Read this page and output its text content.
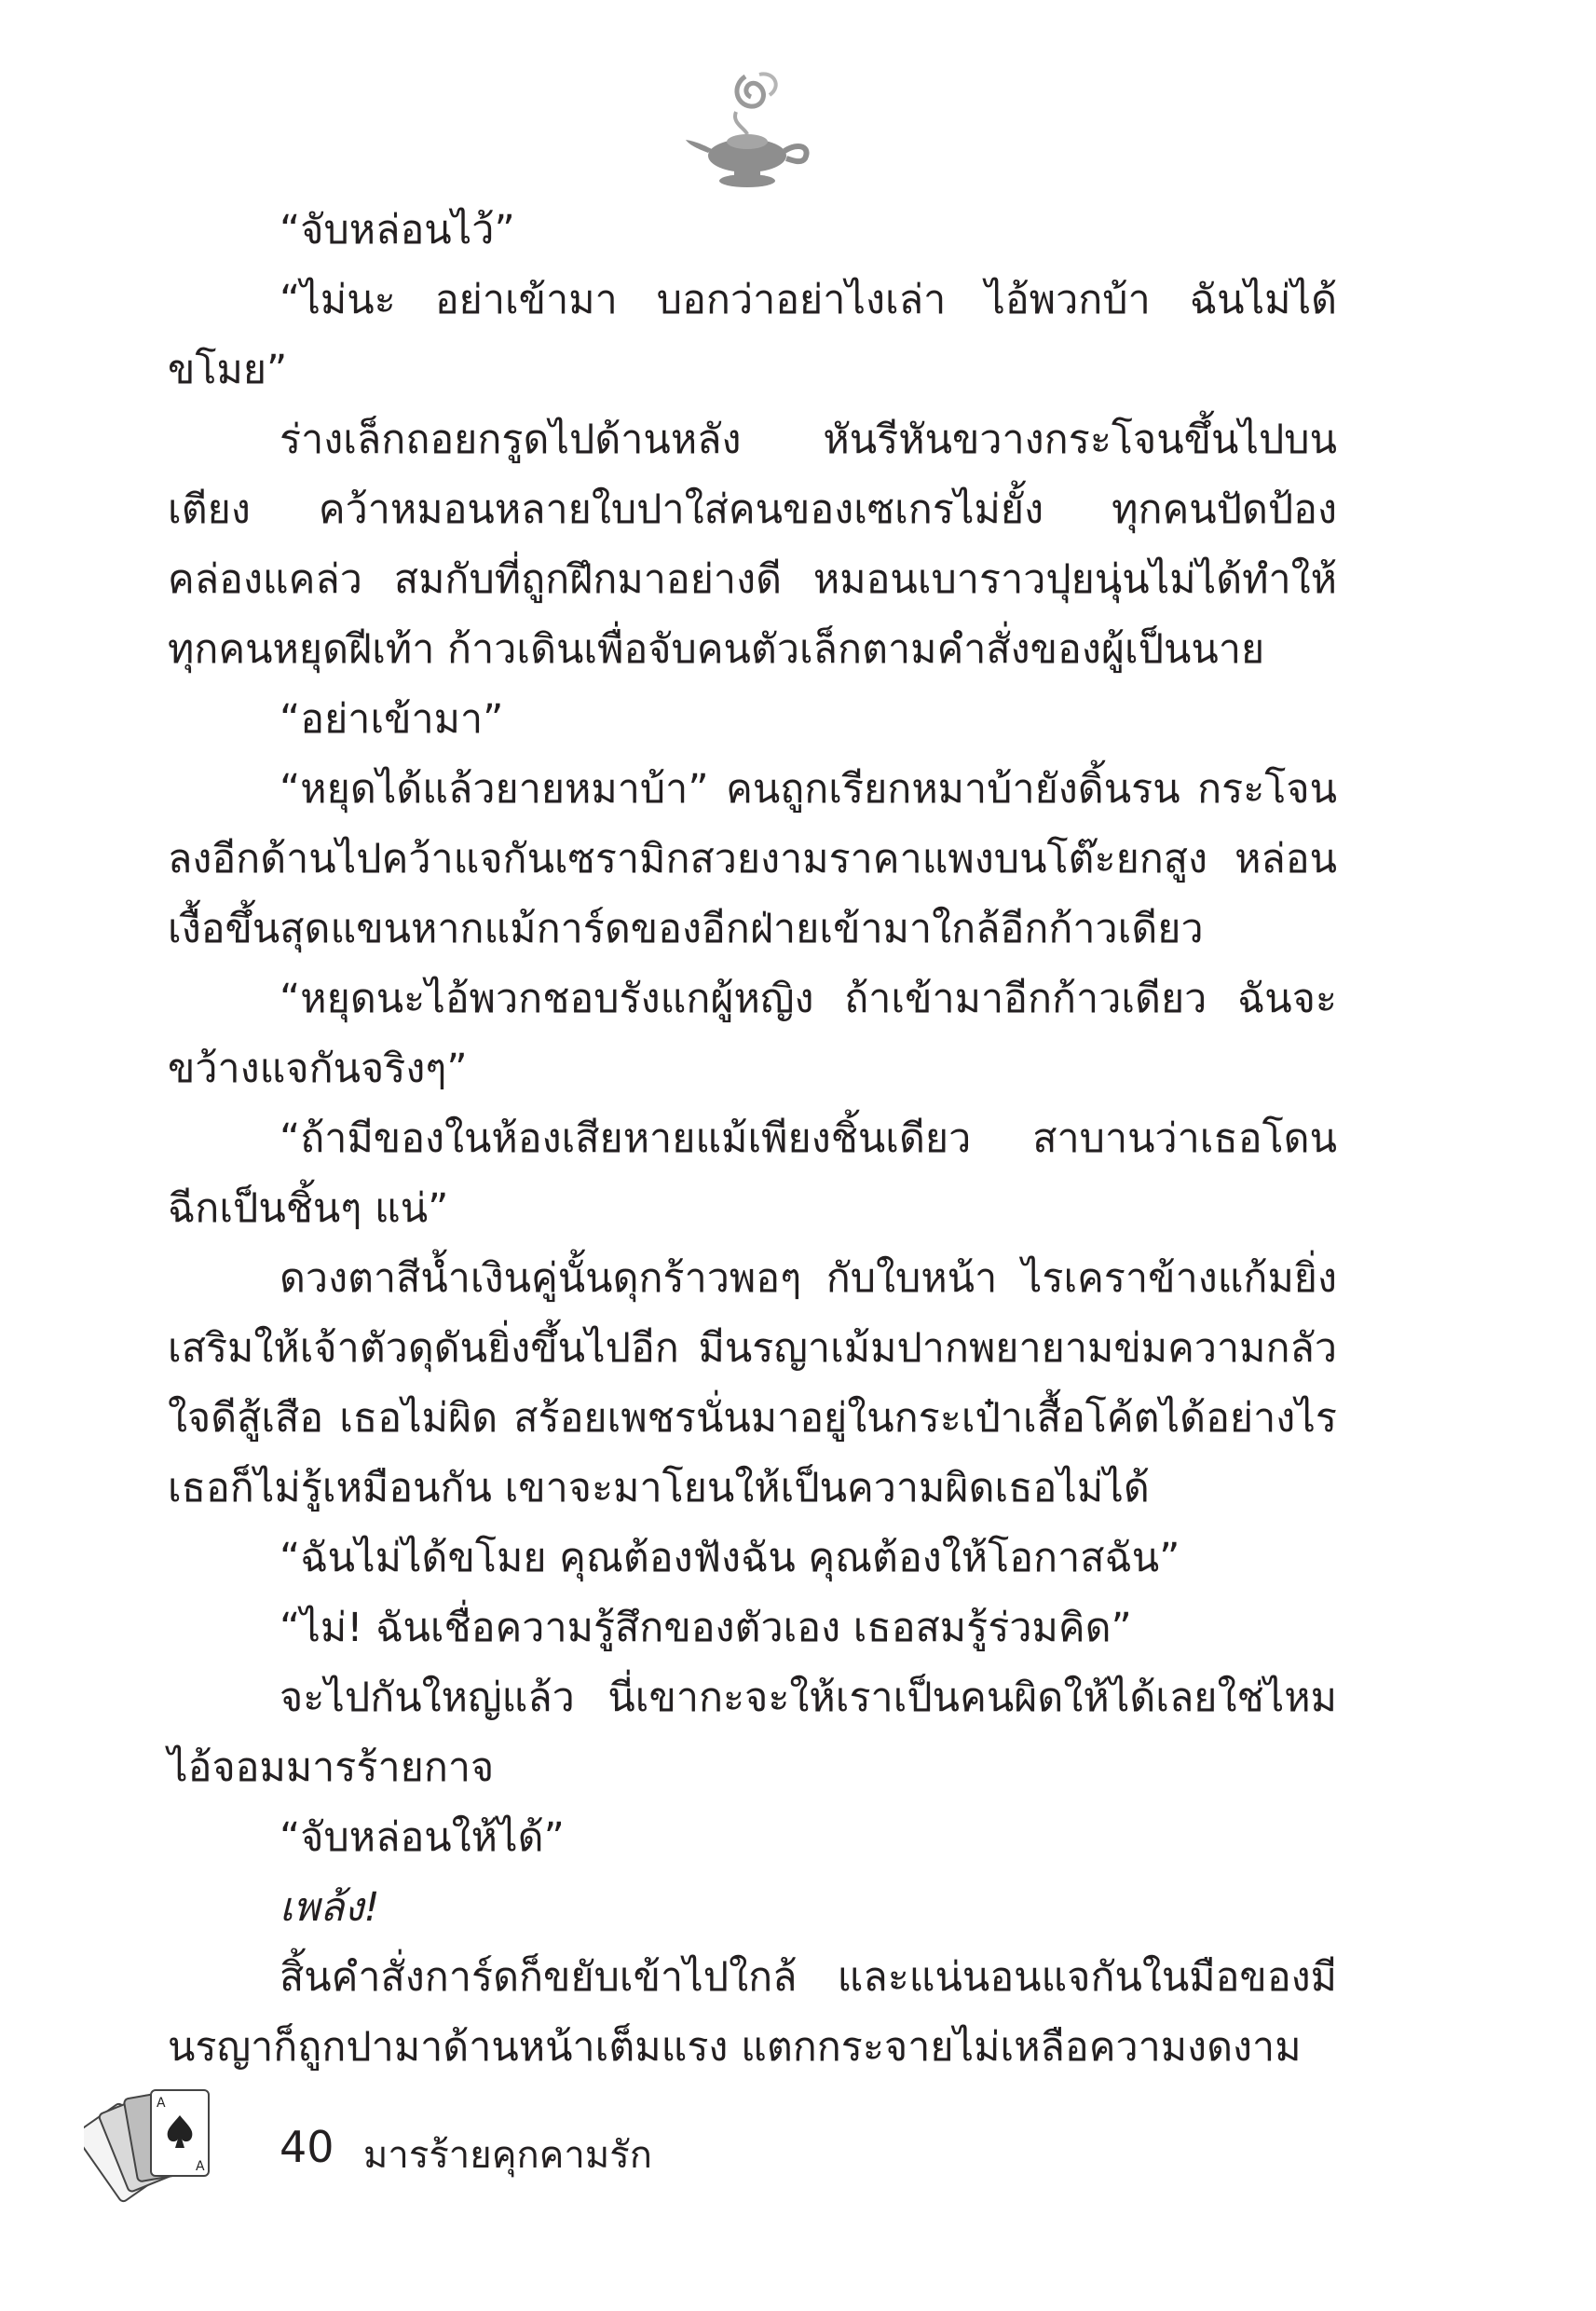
“จับหล่อนไว้”

“ไม่นะ อย่าเข้ามา บอกว่าอย่าไงเล่า ไอ้พวกบ้า ฉันไม่ได้ขโมย”

ร่างเล็กถอยกรูดไปด้านหลัง หันรีหันขวางกระโจนขึ้นไปบนเตียง คว้าหมอนหลายใบปาใส่คนของเซเกรไม่ยั้ง ทุกคนปัดป้องคล่องแคล่ว สมกับที่ถูกฝึกมาอย่างดี หมอนเบาราวปุยนุ่นไม่ได้ทำให้ทุกคนหยุดฝีเท้า ก้าวเดินเพื่อจับคนตัวเล็กตามคำสั่งของผู้เป็นนาย

“อย่าเข้ามา”

“หยุดได้แล้วยายหมาบ้า” คนถูกเรียกหมาบ้ายังดิ้นรน กระโจนลงอีกด้านไปคว้าแจกันเซรามิกสวยงามราคาแพงบนโต๊ะยกสูง หล่อนเงื้อขึ้นสุดแขนหากแม้การ์ดของอีกฝ่ายเข้ามาใกล้อีกก้าวเดียว

“หยุดนะไอ้พวกชอบรังแกผู้หญิง ถ้าเข้ามาอีกก้าวเดียว ฉันจะขว้างแจกันจริงๆ”

“ถ้ามีของในห้องเสียหายแม้เพียงชิ้นเดียว สาบานว่าเธอโดนฉีกเป็นชิ้นๆ แน่”

ดวงตาสีน้ำเงินคู่นั้นดุกร้าวพอๆ กับใบหน้า ไรเคราข้างแก้มยิ่งเสริมให้เจ้าตัวดุดันยิ่งขึ้นไปอีก มีนรญาเม้มปากพยายามข่มความกลัวใจดีสู้เสือ เธอไม่ผิด สร้อยเพชรนั่นมาอยู่ในกระเป๋าเสื้อโค้ตได้อย่างไรเธอก็ไม่รู้เหมือนกัน เขาจะมาโยนให้เป็นความผิดเธอไม่ได้

“ฉันไม่ได้ขโมย คุณต้องฟังฉัน คุณต้องให้โอกาสฉัน”

“ไม่! ฉันเชื่อความรู้สึกของตัวเอง เธอสมรู้ร่วมคิด”

จะไปกันใหญ่แล้ว นี่เขากะจะให้เราเป็นคนผิดให้ได้เลยใช่ไหม ไอ้จอมมารร้ายกาจ

“จับหล่อนให้ได้”

เพล้ง!

สิ้นคำสั่งการ์ดก็ขยับเข้าไปใกล้ และแน่นอนแจกันในมือของมีนรญาก็ถูกปามาด้านหน้าเต็มแรง แตกกระจายไม่เหลือความงดงาม

A
A 40 มารร้ายคุกคามรัก
